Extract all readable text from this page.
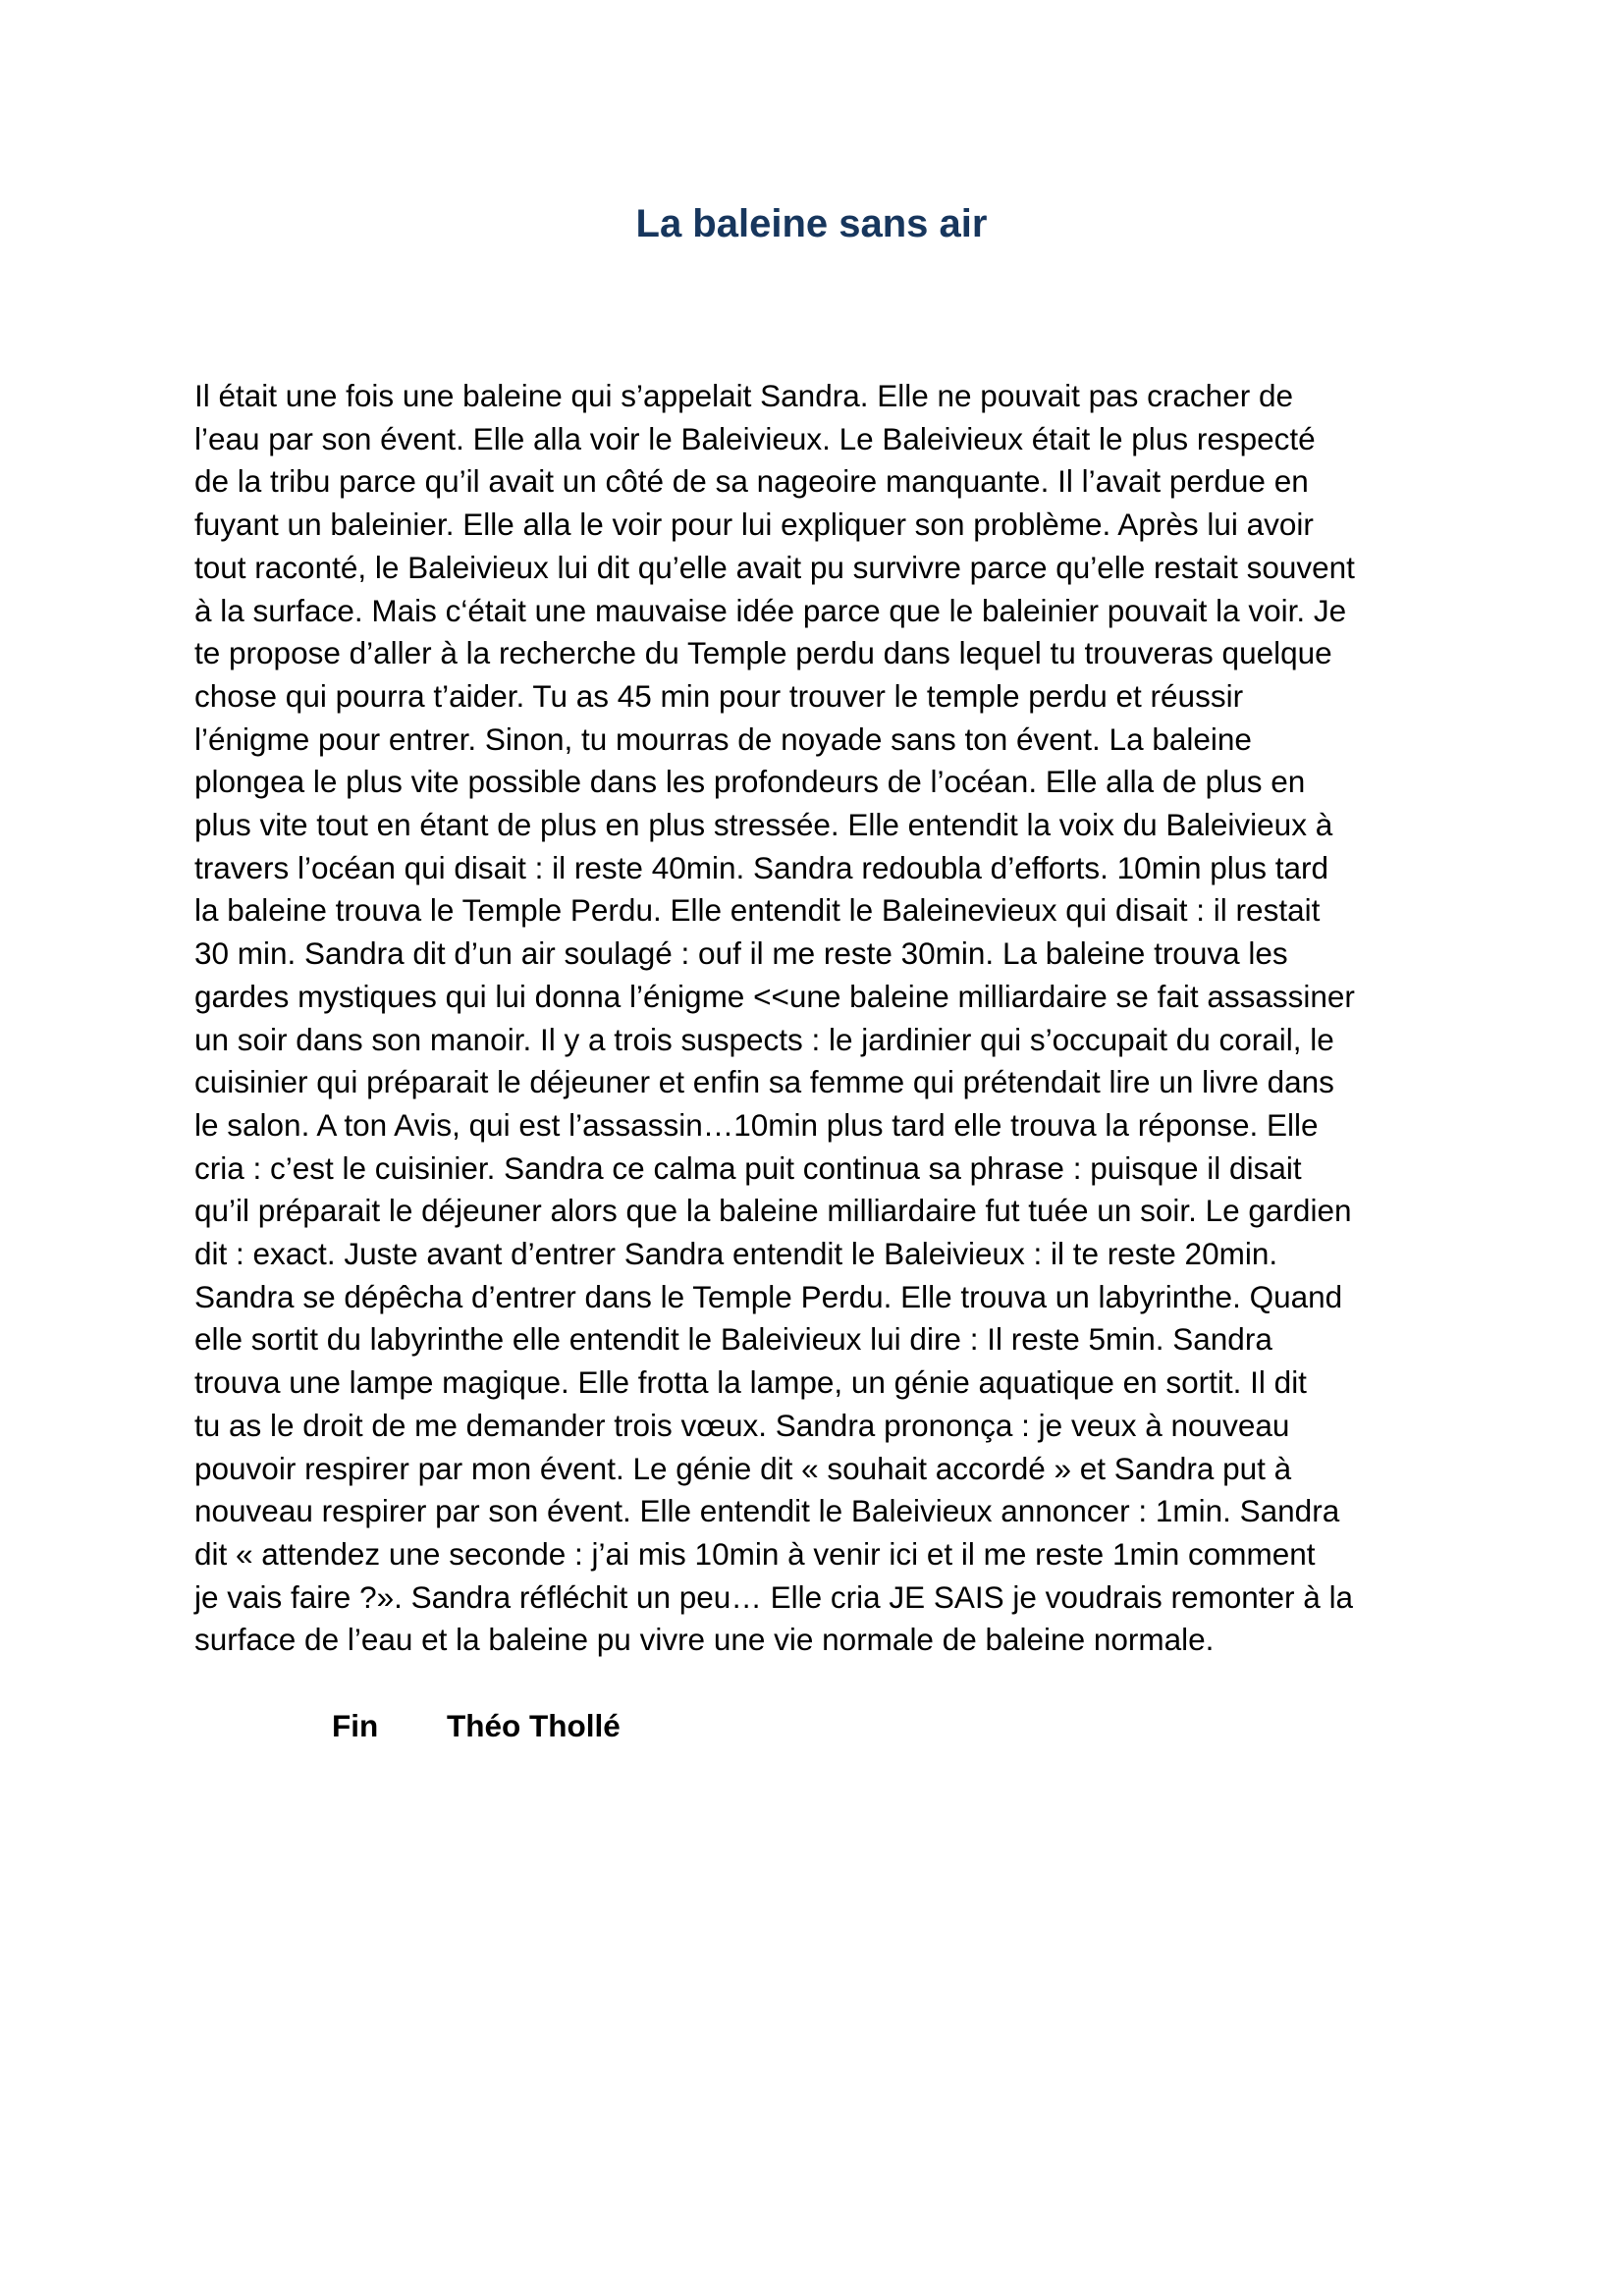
La baleine sans air
Il était une fois une baleine qui s’appelait Sandra. Elle ne pouvait pas cracher de
l’eau par son évent. Elle alla voir le Baleivieux. Le Baleivieux était le plus respecté
de la tribu parce qu’il avait un côté de sa nageoire manquante. Il l’avait perdue en
fuyant un baleinier. Elle alla le voir pour lui expliquer son problème. Après lui avoir
tout raconté, le Baleivieux lui dit qu’elle avait pu survivre parce qu’elle restait souvent
à la surface. Mais c‘était une mauvaise idée parce que le baleinier pouvait la voir. Je
te propose d’aller à la recherche du Temple perdu dans lequel tu trouveras quelque
chose qui pourra t’aider. Tu as 45 min pour trouver le temple perdu et réussir
l’énigme pour entrer. Sinon, tu mourras de noyade sans ton évent. La baleine
plongea le plus vite possible dans les profondeurs de l’océan. Elle alla de plus en
plus vite tout en étant de plus en plus stressée. Elle entendit la voix du Baleivieux à
travers l’océan qui disait : il reste 40min. Sandra redoubla d’efforts. 10min plus tard
la baleine trouva le Temple Perdu. Elle entendit le Baleinevieux qui disait : il restait
30 min. Sandra dit d’un air soulagé : ouf il me reste 30min. La baleine trouva les
gardes mystiques qui lui donna l’énigme <<une baleine milliardaire se fait assassiner
un soir dans son manoir. Il y a trois suspects : le jardinier qui s’occupait du corail, le
cuisinier qui préparait le déjeuner et enfin sa femme qui prétendait lire un livre dans
le salon. A ton Avis, qui est l’assassin…10min plus tard elle trouva la réponse. Elle
cria : c’est le cuisinier. Sandra ce calma puit continua sa phrase : puisque il disait
qu’il préparait le déjeuner alors que la baleine milliardaire fut tuée un soir. Le gardien
dit : exact. Juste avant d’entrer Sandra entendit le Baleivieux : il te reste 20min.
Sandra se dépêcha d’entrer dans le Temple Perdu. Elle trouva un labyrinthe. Quand
elle sortit du labyrinthe elle entendit le Baleivieux lui dire : Il reste 5min. Sandra
trouva une lampe magique. Elle frotta la lampe, un génie aquatique en sortit. Il dit
tu as le droit de me demander trois vœux. Sandra prononça : je veux à nouveau
pouvoir respirer par mon évent. Le génie dit « souhait accordé » et Sandra put à
nouveau respirer par son évent. Elle entendit le Baleivieux annoncer : 1min. Sandra
dit « attendez une seconde : j’ai mis 10min à venir ici et il me reste 1min comment
je vais faire ?». Sandra réfléchit un peu… Elle cria JE SAIS je voudrais remonter à la
surface de l’eau et la baleine pu vivre une vie normale de baleine normale.
Fin Théo Thollé
